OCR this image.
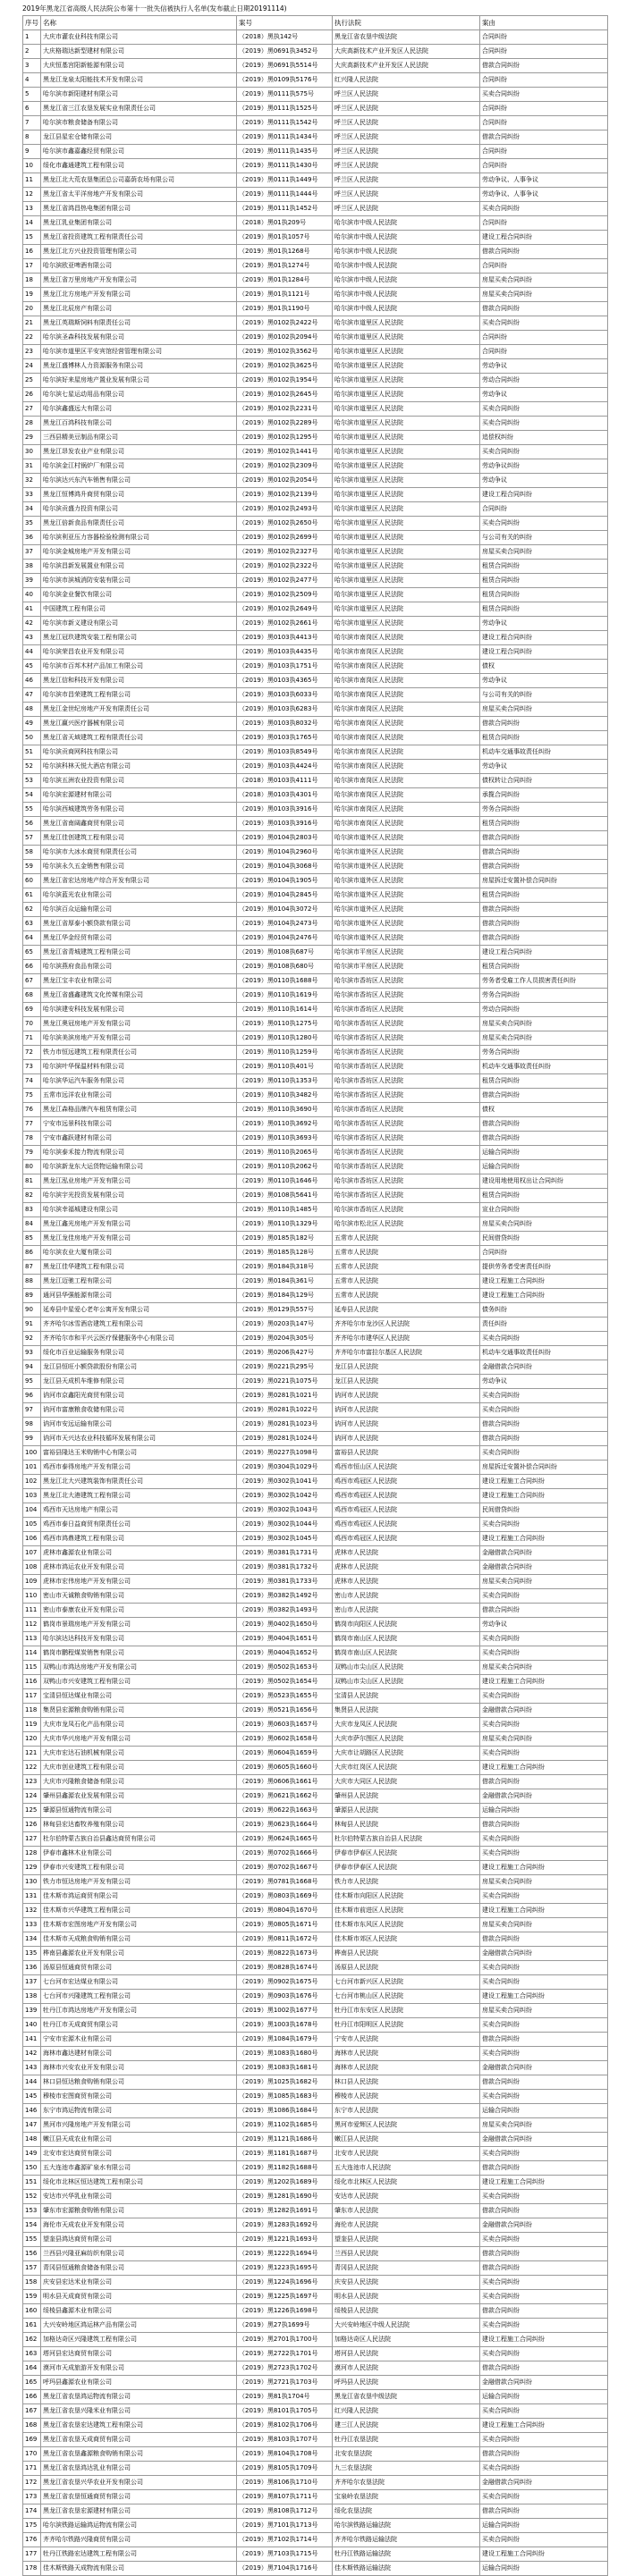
2019年黑龙江省高级人民法院公布第十一批失信被执行人名单(发布截止日期20191114)
序号	名称	案号	执行法院	案由
1	大庆市灌农业科技有限公司	（2018）黑执142号	黑龙江省农垦中级法院	合同纠纷
2	大庆格瑞达新型建材有限公司	（2019）黑0691执3452号	大庆高新技术产业开发区人民法院	合同纠纷
3	大庆恒基宫阳新能源有限公司	（2019）黑0691执5514号	大庆高新技术产业开发区人民法院	借款合同纠纷
4	黑龙江龙泉太阳能技术开发有限公司	（2019）黑0109执5176号	红兴隆人民法院	合同纠纷
5	哈尔滨市新阳建材有限公司	（2019）黑0111执575号	呼兰区人民法院	买卖合同纠纷
6	黑龙江省三江农垦发展实业有限责任公司	（2019）黑0111执1525号	呼兰区人民法院	合同纠纷
7	哈尔滨市粮食储备有限公司	（2019）黑0111执1542号	呼兰区人民法院	合同纠纷
8	龙江县星宏仓储有限公司	（2019）黑0111执1434号	呼兰区人民法院	借款合同纠纷
9	哈尔滨市鑫嘉鑫经贸有限公司	（2019）黑0111执1435号	呼兰区人民法院	合同纠纷
10	绥化市鑫通建筑工程有限公司	（2019）黑0111执1430号	呼兰区人民法院	合同纠纷
11	黑龙江北大荒农垦集团总公司嘉荫农场有限公司	（2019）黑0111执1449号	呼兰区人民法院	劳动争议、人事争议
12	黑龙江省太平洋房地产开发有限公司	（2019）黑0111执1444号	呼兰区人民法院	劳动争议、人事争议
13	黑龙江省鸿昌热电集团有限公司	（2019）黑0111执1452号	呼兰区人民法院	买卖合同纠纷
14	黑龙江乳业集团有限公司	（2018）黑01执209号	哈尔滨市中级人民法院	合同纠纷
15	黑龙江省投资建筑工程有限责任公司	（2019）黑01执1057号	哈尔滨市中级人民法院	建设工程合同纠纷
16	黑龙江北方兴业投资管理有限公司	（2019）黑01执1268号	哈尔滨市中级人民法院	借款合同纠纷
17	哈尔滨欧亚啤酒有限公司	（2019）黑01执1274号	哈尔滨市中级人民法院	合同纠纷
18	黑龙江省万里房地产开发有限公司	（2019）黑01执1284号	哈尔滨市中级人民法院	房屋买卖合同纠纷
19	黑龙江北方房地产开发有限公司	（2019）黑01执1121号	哈尔滨市中级人民法院	房屋买卖合同纠纷
20	黑龙江北辰房产有限公司	（2019）黑01执1190号	哈尔滨市中级人民法院	借款合同纠纷
21	黑龙江英瑞斯饲料有限责任公司	（2019）黑0102执2422号	哈尔滨市道里区人民法院	买卖合同纠纷
22	哈尔滨圣森科技发展有限公司	（2019）黑0102执2094号	哈尔滨市道里区人民法院	合同纠纷
23	哈尔滨市道里区平安宾馆经营管理有限公司	（2019）黑0102执3562号	哈尔滨市道里区人民法院	合同纠纷
24	黑龙江盛博林人力资源服务有限公司	（2019）黑0102执3625号	哈尔滨市道里区人民法院	劳动争议
25	哈尔滨好来屋房地产置业发展有限公司	（2019）黑0102执1954号	哈尔滨市道里区人民法院	劳动合同纠纷
26	哈尔滨七星运动用品有限公司	（2019）黑0102执2645号	哈尔滨市道里区人民法院	劳动争议
27	哈尔滨鑫盛远大有限公司	（2019）黑0102执2231号	哈尔滨市道里区人民法院	买卖合同纠纷
28	黑龙江百鸿科技有限公司	（2019）黑0102执2289号	哈尔滨市道里区人民法院	买卖合同纠纷
29	三西县精美豆制品有限公司	（2019）黑0102执1295号	哈尔滨市道里区人民法院	追偿权纠纷
30	黑龙江昂发农业产业有限公司	（2019）黑0102执1441号	哈尔滨市道里区人民法院	买卖合同纠纷
31	哈尔滨金江村锅炉厂有限公司	（2019）黑0102执2309号	哈尔滨市道里区人民法院	劳动争议纠纷
32	哈尔滨达兴东汽车销售有限公司	（2019）黑0102执2054号	哈尔滨市道里区人民法院	劳动争议
33	黑龙江恒博鸿升商贸有限公司	（2019）黑0102执2139号	哈尔滨市道里区人民法院	建设工程合同纠纷
34	哈尔滨贡盛力投资有限公司	（2019）黑0102执2493号	哈尔滨市道里区人民法院	合同纠纷
35	黑龙江倍新食品有限责任公司	（2019）黑0102执2650号	哈尔滨市道里区人民法院	买卖合同纠纷
36	哈尔滨利亚压力容器检验检测有限公司	（2019）黑0102执2699号	哈尔滨市道里区人民法院	与公司有关的纠纷
37	哈尔滨金城房地产开发有限公司	（2019）黑0102执2327号	哈尔滨市道里区人民法院	房屋买卖合同纠纷
38	哈尔滨昌新发展置业有限公司	（2019）黑0102执2322号	哈尔滨市道里区人民法院	租赁合同纠纷
39	哈尔滨市滨城消防安装有限公司	（2019）黑0102执2477号	哈尔滨市道里区人民法院	租赁合同纠纷
40	哈尔滨金业餐饮有限公司	（2019）黑0102执2509号	哈尔滨市道里区人民法院	租赁合同纠纷
41	中国建筑工程有限公司	（2019）黑0102执2649号	哈尔滨市道里区人民法院	租赁合同纠纷
42	哈尔滨市新义建设有限公司	（2019）黑0102执2661号	哈尔滨市道里区人民法院	劳动争议
43	黑龙江冠玖建筑安装工程有限公司	（2019）黑0103执4413号	哈尔滨市南岗区人民法院	建设工程合同纠纷
44	哈尔滨荣昌农业开发有限公司	（2019）黑0103执4435号	哈尔滨市南岗区人民法院	建设工程合同纠纷
45	哈尔滨市百邦木材产品加工有限公司	（2019）黑0103执1751号	哈尔滨市南岗区人民法院	债权
46	黑龙江信和科技开发有限公司	（2019）黑0103执4365号	哈尔滨市南岗区人民法院	劳动争议
47	哈尔滨市昌荣建筑工程有限公司	（2019）黑0103执6033号	哈尔滨市南岗区人民法院	与公司有关的纠纷
48	黑龙江金世纪房地产开发有限责任公司	（2019）黑0103执6283号	哈尔滨市南岗区人民法院	房屋买卖合同纠纷
49	黑龙江赢兴医疗器械有限公司	（2019）黑0103执8032号	哈尔滨市南岗区人民法院	借款合同纠纷
50	黑龙江省天域建筑工程有限责任公司	（2019）黑0103执1765号	哈尔滨市南岗区人民法院	租赁合同纠纷
51	哈尔滨贡商网科技有限公司	（2019）黑0103执8549号	哈尔滨市南岗区人民法院	机动车交通事故责任纠纷
52	哈尔滨科林天悦大酒店有限公司	（2019）黑0103执4424号	哈尔滨市南岗区人民法院	劳动争议
53	哈尔滨五洲农业投资有限公司	（2018）黑0103执4111号	哈尔滨市南岗区人民法院	债权转让合同纠纷
54	哈尔滨宏源建材有限公司	（2018）黑0103执4301号	哈尔滨市南岗区人民法院	承揽合同纠纷
55	哈尔滨西城建筑劳务有限公司	（2019）黑0103执3916号	哈尔滨市南岗区人民法院	劳务合同纠纷
56	黑龙江省南阔鑫商贸有限公司	（2019）黑0103执3916号	哈尔滨市南岗区人民法院	租赁合同纠纷
57	黑龙江佳创建筑工程有限公司	（2019）黑0104执2803号	哈尔滨市道外区人民法院	借款合同纠纷
58	哈尔滨市大冰水商贸有限责任公司	（2019）黑0104执2960号	哈尔滨市道外区人民法院	借款合同纠纷
59	哈尔滨永久五金销售有限公司	（2019）黑0104执3068号	哈尔滨市道外区人民法院	借款合同纠纷
60	黑龙江省宏达房地产综合开发有限公司	（2019）黑0104执1905号	哈尔滨市道外区人民法院	房屋拆迁安置补偿合同纠纷
61	哈尔滨蓝光农业有限公司	（2019）黑0104执2845号	哈尔滨市道外区人民法院	租赁合同纠纷
62	哈尔滨百众运输有限公司	（2019）黑0104执3072号	哈尔滨市道外区人民法院	借款合同纠纷
63	黑龙江省厚泰小额贷款有限公司	（2019）黑0104执2473号	哈尔滨市道外区人民法院	借款合同纠纷
64	黑龙江华金经贸有限公司	（2019）黑0104执2476号	哈尔滨市道外区人民法院	借款合同纠纷
65	黑龙江省青城建筑工程有限公司	（2019）黑0108执687号	哈尔滨市平房区人民法院	建设工程合同纠纷
66	哈尔滨燕府食品有限公司	（2019）黑0108执680号	哈尔滨市平房区人民法院	租赁合同纠纷
67	黑龙江宝丰农业有限公司	（2019）黑0110执1688号	哈尔滨市香坊区人民法院	劳务者受雇工作人员损害责任纠纷
68	黑龙江省盛鑫建筑文化传媒有限公司	（2019）黑0110执1619号	哈尔滨市香坊区人民法院	劳务合同纠纷
69	哈尔滨建安科技发展有限公司	（2019）黑0110执1614号	哈尔滨市香坊区人民法院	劳动合同纠纷
70	黑龙江奥冠房地产开发有限公司	（2019）黑0110执1275号	哈尔滨市香坊区人民法院	房屋买卖合同纠纷
71	哈尔滨美滨房地产开发有限公司	（2019）黑0110执1280号	哈尔滨市香坊区人民法院	房屋买卖合同纠纷
72	铁力市恒远建筑工程有限责任公司	（2019）黑0110执1259号	哈尔滨市香坊区人民法院	劳务合同纠纷
73	哈尔滨叶华保温材料有限公司	（2019）黑0110执401号	哈尔滨市香坊区人民法院	机动车交通事故责任纠纷
74	哈尔滨华运汽车服务有限公司	（2019）黑0110执1353号	哈尔滨市香坊区人民法院	租赁合同纠纷
75	五常市远洋农业有限公司	（2019）黑0110执3482号	哈尔滨市香坊区人民法院	借款合同纠纷
76	黑龙江森格品牌汽车租赁有限公司	（2019）黑0110执3690号	哈尔滨市香坊区人民法院	债权
77	宁安市远景科技有限公司	（2019）黑0110执3692号	哈尔滨市香坊区人民法院	借款合同纠纷
78	宁安市鑫跃建材有限公司	（2019）黑0110执3693号	哈尔滨市香坊区人民法院	借款合同纠纷
79	哈尔滨泰禾接力物流有限公司	（2019）黑0110执2065号	哈尔滨市香坊区人民法院	运输合同纠纷
80	哈尔滨新龙东大运货物运输有限公司	（2019）黑0110执2062号	哈尔滨市香坊区人民法院	运输合同纠纷
81	黑龙江泓业房地产开发有限公司	（2019）黑0110执1646号	哈尔滨市香坊区人民法院	建设用地使用权出让合同纠纷
82	哈尔滨宇光投资发展有限公司	（2019）黑0108执5641号	哈尔滨市香坊区人民法院	租赁合同纠纷
83	哈尔滨幸福城建设有限公司	（2019）黑0110执1485号	哈尔滨市香坊区人民法院	宣业合同纠纷
84	黑龙江鑫光房地产开发有限公司	（2019）黑0110执1329号	哈尔滨市松北区人民法院	房屋买卖合同纠纷
85	黑龙江龙佳房地产开发有限公司	（2019）黑0185执182号	五常市人民法院	民间借贷纠纷
86	哈尔滨农业大厦有限公司	（2019）黑0185执128号	五常市人民法院	合同纠纷
87	黑龙江佳华建筑工程有限公司	（2019）黑0184执318号	五常市人民法院	提供劳务者受害责任纠纷
88	黑龙江迈驰工程有限公司	（2019）黑0184执361号	五常市人民法院	建设工程施工合同纠纷
89	通河县华强能源有限公司	（2019）黑0184执129号	五常市人民法院	建设工程施工合同纠纷
90	延寿县中星爱心老年公寓开发有限公司	（2019）黑0129执557号	延寿县人民法院	债务纠纷
91	齐齐哈尔冰雪酒店建筑工程有限公司	（2019）黑0203执147号	齐齐哈尔市龙沙区人民法院	责任纠纷
92	齐齐哈尔市和平兴云医疗保健服务中心有限公司	（2019）黑0204执305号	齐齐哈尔市建华区人民法院	买卖合同纠纷
93	绥化市百业运输服务有限公司	（2019）黑0206执427号	齐齐哈尔市富拉尔基区人民法院	机动车交通事故责任纠纷
94	龙江县恒旺小额贷款股份有限公司	（2019）黑0221执295号	龙江县人民法院	金融借款合同纠纷
95	龙江县天成机车维修有限公司	（2019）黑0221执1075号	龙江县人民法院	劳动争议
96	讷河市京鑫阳光商贸有限公司	（2019）黑0281执1021号	讷河市人民法院	买卖合同纠纷
97	讷河市富康粮食收储有限公司	（2019）黑0281执1022号	讷河市人民法院	买卖合同纠纷
98	讷河市安远运输有限公司	（2019）黑0281执1023号	讷河市人民法院	借款合同纠纷
99	讷河市天兴达农业科技循环发展有限公司	（2019）黑0281执1024号	讷河市人民法院	借款合同纠纷
100	富裕县隆达玉米购销中心有限公司	（2019）黑0227执1098号	富裕县人民法院	买卖合同纠纷
101	鸡西市泰得房地产开发有限公司	（2019）黑0304执1029号	鸡西市恒山区人民法院	房屋拆迁安置补偿合同纠纷
102	黑龙江北大兴建筑装饰有限责任公司	（2019）黑0302执1041号	鸡西市鸡冠区人民法院	建设工程施工合同纠纷
103	黑龙江北大港建筑工程有限公司	（2019）黑0302执1042号	鸡西市鸡冠区人民法院	建设工程施工合同纠纷
104	鸡西市天达房地产有限公司	（2019）黑0302执1043号	鸡西市鸡冠区人民法院	民间借贷纠纷
105	鸡西市泰日益商贸有限责任公司	（2019）黑0302执1044号	鸡西市鸡冠区人民法院	买卖合同纠纷
106	鸡西市鸿鼎建筑工程有限公司	（2019）黑0302执1045号	鸡西市鸡冠区人民法院	建设工程施工合同纠纷
107	虎林市鑫源农业有限公司	（2019）黑0381执1731号	虎林市人民法院	金融借款合同纠纷
108	虎林市鸿运农业开发有限公司	（2019）黑0381执1732号	虎林市人民法院	金融借款合同纠纷
109	虎林市宏伟房地产开发有限公司	（2019）黑0381执1733号	虎林市人民法院	房屋买卖合同纠纷
110	密山市天诚粮食购销有限公司	（2019）黑0382执1492号	密山市人民法院	买卖合同纠纷
111	密山市泰康农业开发有限公司	（2019）黑0382执1493号	密山市人民法院	借款合同纠纷
112	鹤岗市景瑞房地产开发有限公司	（2019）黑0402执1650号	鹤岗市向阳区人民法院	劳动争议
113	哈尔滨达达科技开发有限公司	（2019）黑0404执1651号	鹤岗市南山区人民法院	买卖合同纠纷
114	鹤岗市鹏程煤炭销售有限公司	（2019）黑0404执1652号	鹤岗市南山区人民法院	买卖合同纠纷
115	双鸭山市鸿达房地产开发有限公司	（2019）黑0502执1653号	双鸭山市尖山区人民法院	房屋买卖合同纠纷
116	双鸭山市兴安建筑工程有限公司	（2019）黑0502执1654号	双鸭山市尖山区人民法院	建设工程施工合同纠纷
117	宝清县恒达煤业有限公司	（2019）黑0523执1655号	宝清县人民法院	买卖合同纠纷
118	集贤县宏源粮食购销有限公司	（2019）黑0521执1656号	集贤县人民法院	金融借款合同纠纷
119	大庆市龙凤石化产品有限公司	（2019）黑0603执1657号	大庆市龙凤区人民法院	买卖合同纠纷
120	大庆市华兴房地产开发有限公司	（2019）黑0602执1658号	大庆市萨尔图区人民法院	房屋买卖合同纠纷
121	大庆市宏达石油机械有限公司	（2019）黑0604执1659号	大庆市让胡路区人民法院	买卖合同纠纷
122	大庆市创业建筑工程有限公司	（2019）黑0605执1660号	大庆市红岗区人民法院	建设工程施工合同纠纷
123	大庆市兴隆粮食储备有限公司	（2019）黑0606执1661号	大庆市大同区人民法院	借款合同纠纷
124	肇州县鑫源农业发展有限公司	（2019）黑0621执1662号	肇州县人民法院	金融借款合同纠纷
125	肇源县恒通物流有限公司	（2019）黑0622执1663号	肇源县人民法院	运输合同纠纷
126	林甸县宏达畜牧养殖有限公司	（2019）黑0623执1664号	林甸县人民法院	借款合同纠纷
127	杜尔伯特蒙古族自治县鑫达商贸有限公司	（2019）黑0624执1665号	杜尔伯特蒙古族自治县人民法院	买卖合同纠纷
128	伊春市鑫林木业有限公司	（2019）黑0702执1666号	伊春市伊春区人民法院	买卖合同纠纷
129	伊春市兴安建筑工程有限公司	（2019）黑0702执1667号	伊春市伊春区人民法院	建设工程施工合同纠纷
130	铁力市恒达房地产开发有限公司	（2019）黑0781执1668号	铁力市人民法院	房屋买卖合同纠纷
131	佳木斯市鸿运商贸有限公司	（2019）黑0803执1669号	佳木斯市向阳区人民法院	买卖合同纠纷
132	佳木斯市兴华建筑工程有限公司	（2019）黑0804执1670号	佳木斯市前进区人民法院	建设工程施工合同纠纷
133	佳木斯市宏图房地产开发有限公司	（2019）黑0805执1671号	佳木斯市东风区人民法院	房屋买卖合同纠纷
134	佳木斯市天成粮食购销有限公司	（2019）黑0811执1672号	佳木斯市郊区人民法院	借款合同纠纷
135	桦南县鑫源农业开发有限公司	（2019）黑0822执1673号	桦南县人民法院	金融借款合同纠纷
136	汤原县恒通商贸有限公司	（2019）黑0828执1674号	汤原县人民法院	买卖合同纠纷
137	七台河市宏达煤业有限公司	（2019）黑0902执1675号	七台河市新兴区人民法院	买卖合同纠纷
138	七台河市兴隆建筑工程有限公司	（2019）黑0903执1676号	七台河市桃山区人民法院	建设工程施工合同纠纷
139	牡丹江市鸿达房地产开发有限公司	（2019）黑1002执1677号	牡丹江市东安区人民法院	房屋买卖合同纠纷
140	牡丹江市天成商贸有限公司	（2019）黑1003执1678号	牡丹江市阳明区人民法院	买卖合同纠纷
141	宁安市宏源木业有限公司	（2019）黑1084执1679号	宁安市人民法院	借款合同纠纷
142	海林市鑫达建材有限公司	（2019）黑1083执1680号	海林市人民法院	买卖合同纠纷
143	海林市兴安农业开发有限公司	（2019）黑1083执1681号	海林市人民法院	金融借款合同纠纷
144	林口县恒达粮食购销有限公司	（2019）黑1025执1682号	林口县人民法院	借款合同纠纷
145	穆棱市宏图商贸有限公司	（2019）黑1085执1683号	穆棱市人民法院	买卖合同纠纷
146	东宁市鸿运物流有限公司	（2019）黑1086执1684号	东宁市人民法院	运输合同纠纷
147	黑河市兴隆房地产开发有限公司	（2019）黑1102执1685号	黑河市爱辉区人民法院	房屋买卖合同纠纷
148	嫩江县天成农业有限公司	（2019）黑1121执1686号	嫩江县人民法院	金融借款合同纠纷
149	北安市宏达商贸有限公司	（2019）黑1181执1687号	北安市人民法院	买卖合同纠纷
150	五大连池市鑫源矿泉水有限公司	（2019）黑1182执1688号	五大连池市人民法院	借款合同纠纷
151	绥化市北林区恒达建筑工程有限公司	（2019）黑1202执1689号	绥化市北林区人民法院	建设工程施工合同纠纷
152	安达市兴华乳业有限公司	（2019）黑1281执1690号	安达市人民法院	买卖合同纠纷
153	肇东市宏源粮食购销有限公司	（2019）黑1282执1691号	肇东市人民法院	借款合同纠纷
154	海伦市天成农业开发有限公司	（2019）黑1283执1692号	海伦市人民法院	金融借款合同纠纷
155	望奎县鸿达商贸有限公司	（2019）黑1221执1693号	望奎县人民法院	买卖合同纠纷
156	兰西县兴隆亚麻纺织有限公司	（2019）黑1222执1694号	兰西县人民法院	借款合同纠纷
157	青冈县恒通粮食储备有限公司	（2019）黑1223执1695号	青冈县人民法院	借款合同纠纷
158	庆安县宏达米业有限公司	（2019）黑1224执1696号	庆安县人民法院	买卖合同纠纷
159	明水县天成商贸有限公司	（2019）黑1225执1697号	明水县人民法院	买卖合同纠纷
160	绥棱县鑫源木业有限公司	（2019）黑1226执1698号	绥棱县人民法院	借款合同纠纷
161	大兴安岭地区鸿运林产品有限公司	（2019）黑27执1699号	大兴安岭地区中级人民法院	买卖合同纠纷
162	加格达奇区兴隆建筑工程有限公司	（2019）黑2701执1700号	加格达奇区人民法院	建设工程施工合同纠纷
163	塔河县宏达商贸有限公司	（2019）黑2722执1701号	塔河县人民法院	买卖合同纠纷
164	漠河市天成旅游开发有限公司	（2019）黑2723执1702号	漠河市人民法院	借款合同纠纷
165	呼玛县鑫源农业有限公司	（2019）黑2721执1703号	呼玛县人民法院	金融借款合同纠纷
166	黑龙江省农垦鸿运物流有限公司	（2019）黑81执1704号	黑龙江省农垦中级法院	运输合同纠纷
167	黑龙江省农垦兴隆米业有限公司	（2019）黑8101执1705号	红兴隆人民法院	买卖合同纠纷
168	黑龙江省农垦宏达建筑工程有限公司	（2019）黑8102执1706号	建三江人民法院	建设工程施工合同纠纷
169	黑龙江省农垦天成商贸有限公司	（2019）黑8103执1707号	牡丹江农垦法院	买卖合同纠纷
170	黑龙江省农垦鑫源粮食购销有限公司	（2019）黑8104执1708号	北安农垦法院	借款合同纠纷
171	黑龙江省农垦鸿达乳业有限公司	（2019）黑8105执1709号	九三农垦法院	买卖合同纠纷
172	黑龙江省农垦兴华农业开发有限公司	（2019）黑8106执1710号	齐齐哈尔农垦法院	金融借款合同纠纷
173	黑龙江省农垦恒通商贸有限公司	（2019）黑8107执1711号	宝泉岭农垦法院	买卖合同纠纷
174	黑龙江省农垦宏源建材有限公司	（2019）黑8108执1712号	绥化农垦法院	借款合同纠纷
175	哈尔滨铁路运输鸿运物流有限公司	（2019）黑7101执1713号	哈尔滨铁路运输法院	运输合同纠纷
176	齐齐哈尔铁路兴隆商贸有限公司	（2019）黑7102执1714号	齐齐哈尔铁路运输法院	买卖合同纠纷
177	牡丹江铁路宏达建筑工程有限公司	（2019）黑7103执1715号	牡丹江铁路运输法院	建设工程施工合同纠纷
178	佳木斯铁路天成物流有限公司	（2019）黑7104执1716号	佳木斯铁路运输法院	运输合同纠纷
